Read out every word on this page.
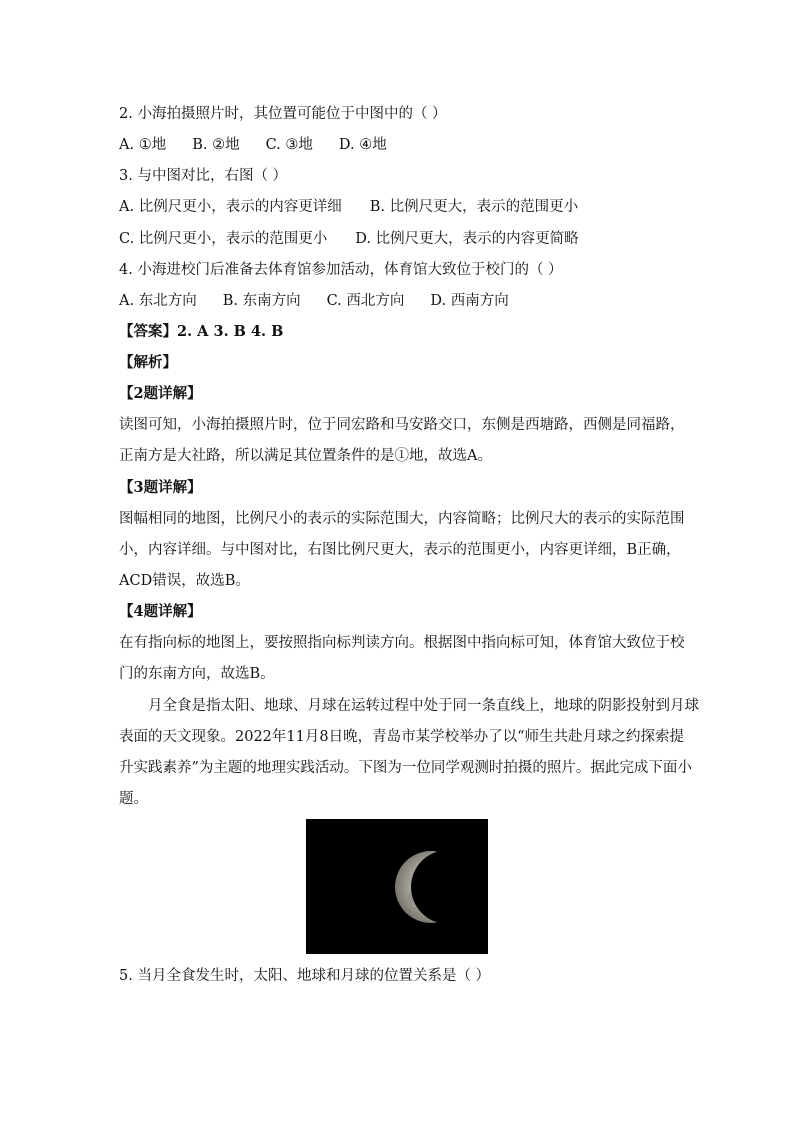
2. 小海拍摄照片时，其位置可能位于中图中的（ ）
A. ①地 B. ②地 C. ③地 D. ④地
3. 与中图对比，右图（ ）
A. 比例尺更小，表示的内容更详细 B. 比例尺更大，表示的范围更小
C. 比例尺更小，表示的范围更小 D. 比例尺更大，表示的内容更简略
4. 小海进校门后准备去体育馆参加活动，体育馆大致位于校门的（ ）
A. 东北方向 B. 东南方向 C. 西北方向 D. 西南方向
【答案】2. A 3. B 4. B
【解析】
【2题详解】
读图可知，小海拍摄照片时，位于同宏路和马安路交口，东侧是西塘路，西侧是同福路，
正南方是大社路，所以满足其位置条件的是①地，故选A。
【3题详解】
图幅相同的地图，比例尺小的表示的实际范围大，内容简略；比例尺大的表示的实际范围
小，内容详细。与中图对比，右图比例尺更大，表示的范围更小，内容更详细，B正确，
ACD错误，故选B。
【4题详解】
在有指向标的地图上，要按照指向标判读方向。根据图中指向标可知，体育馆大致位于校
门的东南方向，故选B。
月全食是指太阳、地球、月球在运转过程中处于同一条直线上，地球的阴影投射到月球
表面的天文现象。2022年11月8日晚，青岛市某学校举办了以“师生共赴月球之约探索提
升实践素养”为主题的地理实践活动。下图为一位同学观测时拍摄的照片。据此完成下面小
题。
5. 当月全食发生时，太阳、地球和月球的位置关系是（ ）
